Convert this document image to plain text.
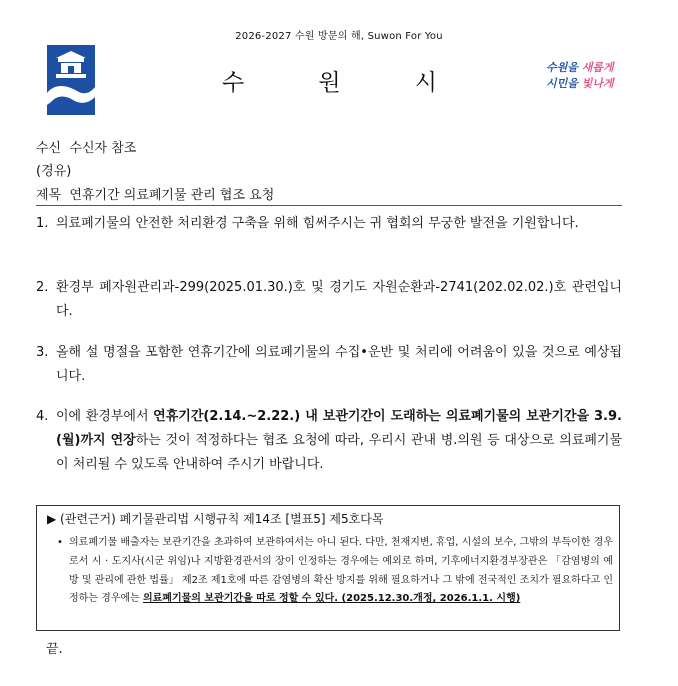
2026-2027 수원 방문의 해, Suwon For You
수	원	시
수원을 새롭게
시민을 빛나게
수신 수신자 참조
(경유)
제목 연휴기간 의료폐기물 관리 협조 요청
1. 의료폐기물의 안전한 처리환경 구축을 위해 힘써주시는 귀 협회의 무궁한 발전을 기원합니다.
2. 환경부 폐자원관리과-299(2025.01.30.)호 및 경기도 자원순환과-2741(202.02.02.)호 관련입니다.
3. 올해 설 명절을 포함한 연휴기간에 의료폐기물의 수집•운반 및 처리에 어려움이 있을 것으로 예상됩니다.
4. 이에 환경부에서 연휴기간(2.14.~2.22.) 내 보관기간이 도래하는 의료폐기물의 보관기간을 3.9.(월)까지 연장하는 것이 적정하다는 협조 요청에 따라, 우리시 관내 병.의원 등 대상으로 의료폐기물이 처리될 수 있도록 안내하여 주시기 바랍니다.
▶ (관련근거) 폐기물관리법 시행규칙 제14조 [별표5] 제5호다목
• 의료폐기물 배출자는 보관기간을 초과하여 보관하여서는 아니 된다. 다만, 천재지변, 휴업, 시설의 보수, 그밖의 부득이한 경우로서 시 · 도지사(시군 위임)나 지방환경관서의 장이 인정하는 경우에는 예외로 하며, 기후에너지환경부장관은 「감염병의 예방 및 관리에 관한 법률」 제2조 제1호에 따른 감염병의 확산 방지를 위해 필요하거나 그 밖에 전국적인 조치가 필요하다고 인정하는 경우에는 의료폐기물의 보관기간을 따로 정할 수 있다. (2025.12.30.개정, 2026.1.1. 시행)
끝.
